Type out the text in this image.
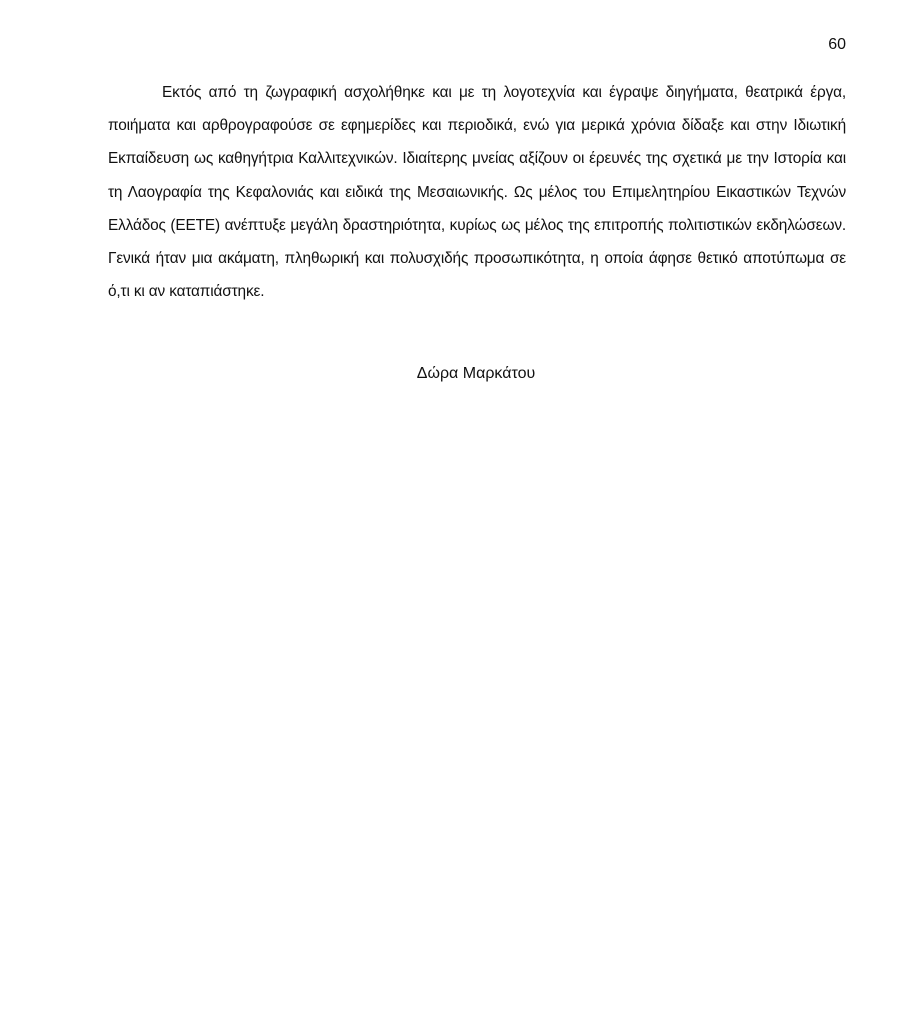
60

Εκτός από τη ζωγραφική ασχολήθηκε και με τη λογοτεχνία και έγραψε διηγήματα, θεατρικά έργα, ποιήματα και αρθρογραφούσε σε εφημερίδες και περιοδικά, ενώ για μερικά χρόνια δίδαξε και στην Ιδιωτική Εκπαίδευση ως καθηγήτρια Καλλιτεχνικών. Ιδιαίτερης μνείας αξίζουν οι έρευνές της σχετικά με την Ιστορία και τη Λαογραφία της Κεφαλονιάς και ειδικά της Μεσαιωνικής. Ως μέλος του Επιμελητηρίου Εικαστικών Τεχνών Ελλάδος (ΕΕΤΕ) ανέπτυξε μεγάλη δραστηριότητα, κυρίως ως μέλος της επιτροπής πολιτιστικών εκδηλώσεων. Γενικά ήταν μια ακάματη, πληθωρική και πολυσχιδής προσωπικότητα, η οποία άφησε θετικό αποτύπωμα σε ό,τι κι αν καταπιάστηκε.

Δώρα Μαρκάτου
